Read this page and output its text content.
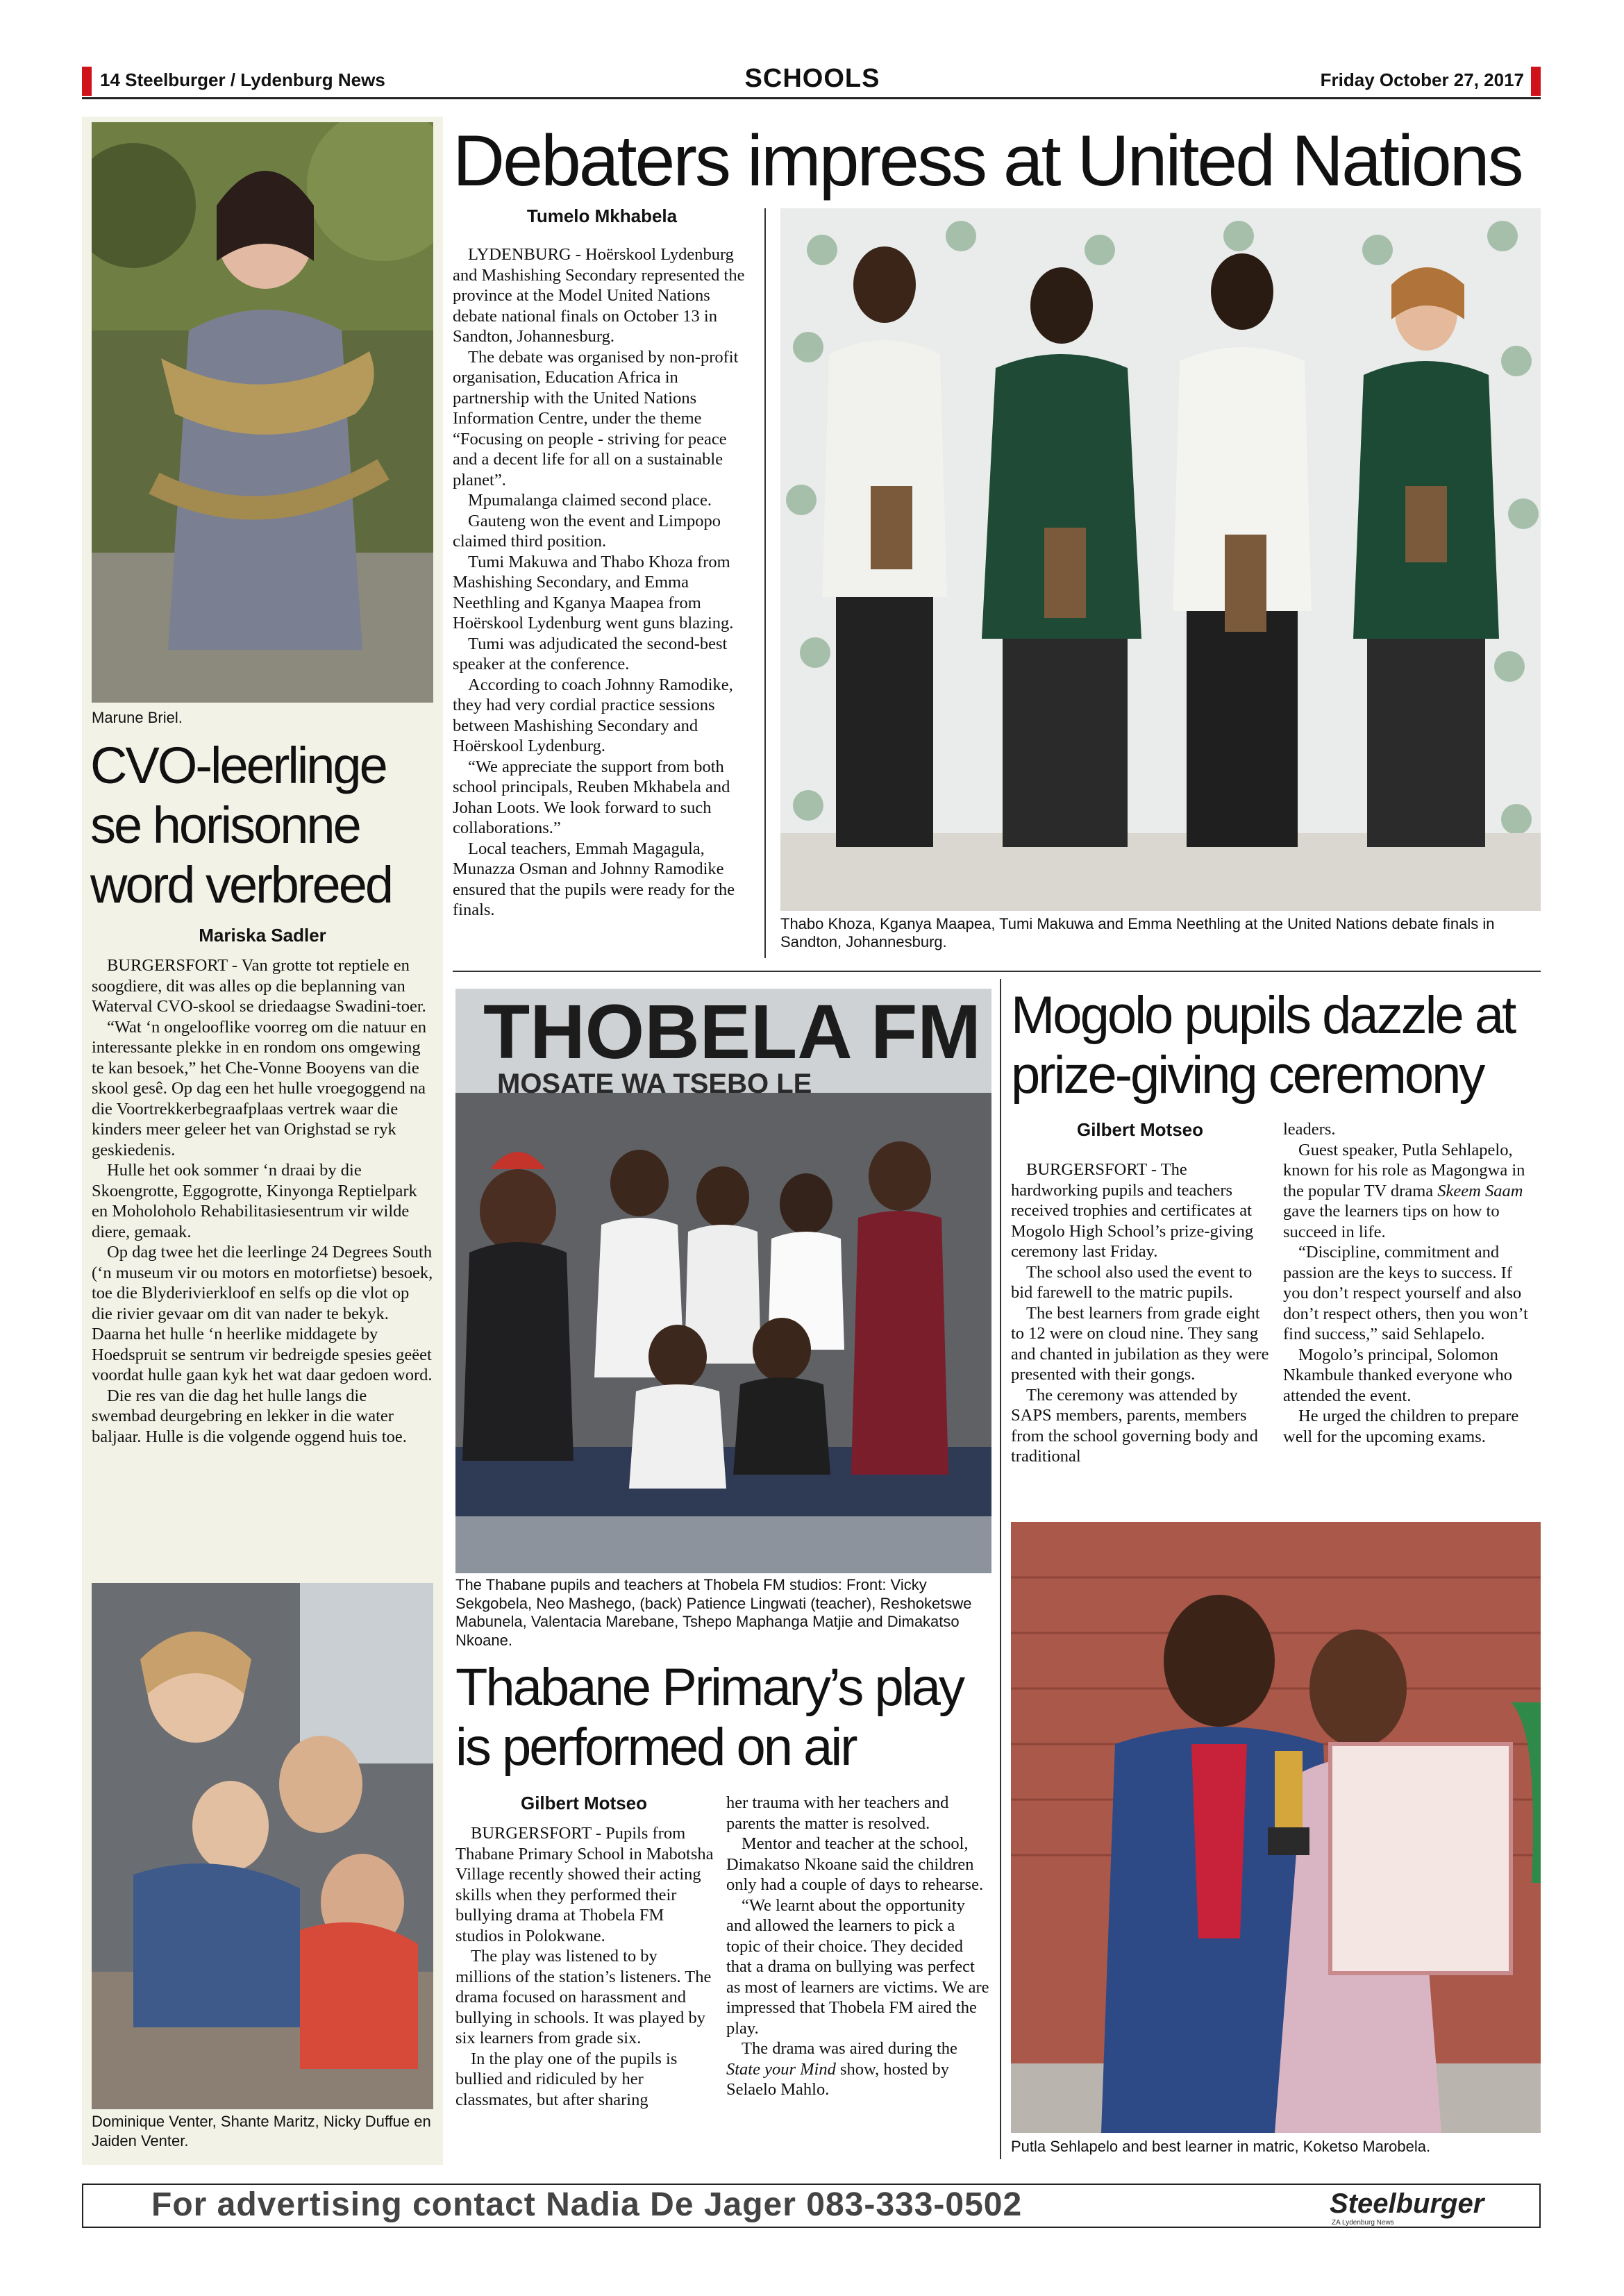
14 Steelburger / Lydenburg News	SCHOOLS	Friday October 27, 2017
Marune Briel.
CVO-leerlinge se horisonne word verbreed
Mariska Sadler

BURGERSFORT - Van grotte tot reptiele en soogdiere, dit was alles op die beplanning van Waterval CVO-skool se driedaagse Swadini-toer.

“Wat ‘n ongelooflike voorreg om die natuur en interessante plekke in en rondom ons omgewing te kan besoek,” het Che-Vonne Booyens van die skool gesê. Op dag een het hulle vroegoggend na die Voortrekkerbegraafplaas vertrek waar die kinders meer geleer het van Orighstad se ryk geskiedenis.

Hulle het ook sommer ‘n draai by die Skoengrotte, Eggogrotte, Kinyonga Reptielpark en Moholoholo Rehabilitasiesentrum vir wilde diere, gemaak.

Op dag twee het die leerlinge 24 Degrees South (‘n museum vir ou motors en motorfietse) besoek, toe die Blyderivierkloof en selfs op die vlot op die rivier gevaar om dit van nader te bekyk. Daarna het hulle ‘n heerlike middagete by Hoedspruit se sentrum vir bedreigde spesies geëet voordat hulle gaan kyk het wat daar gedoen word.

Die res van die dag het hulle langs die swembad deurgebring en lekker in die water baljaar. Hulle is die volgende oggend huis toe.

Dominique Venter, Shante Maritz, Nicky Duffue en Jaiden Venter.
Debaters impress at United Nations
Tumelo Mkhabela

LYDENBURG - Hoërskool Lydenburg and Mashishing Secondary represented the province at the Model United Nations debate national finals on October 13 in Sandton, Johannesburg.

The debate was organised by non-profit organisation, Education Africa in partnership with the United Nations Information Centre, under the theme “Focusing on people - striving for peace and a decent life for all on a sustainable planet”.

Mpumalanga claimed second place.

Gauteng won the event and Limpopo claimed third position.

Tumi Makuwa and Thabo Khoza from Mashishing Secondary, and Emma Neethling and Kganya Maapea from Hoërskool Lydenburg went guns blazing.

Tumi was adjudicated the second-best speaker at the conference.

According to coach Johnny Ramodike, they had very cordial practice sessions between Mashishing Secondary and Hoërskool Lydenburg.

“We appreciate the support from both school principals, Reuben Mkhabela and Johan Loots. We look forward to such collaborations.”

Local teachers, Emmah Magagula, Munazza Osman and Johnny Ramodike ensured that the pupils were ready for the finals.

Thabo Khoza, Kganya Maapea, Tumi Makuwa and Emma Neethling at the United Nations debate finals in Sandton, Johannesburg.
THOBELA FM
MOSATE WA TSEBO LE
The Thabane pupils and teachers at Thobela FM studios: Front: Vicky Sekgobela, Neo Mashego, (back) Patience Lingwati (teacher), Reshoketswe Mabunela, Valentacia Marebane, Tshepo Maphanga Matjie and Dimakatso Nkoane.
Thabane Primary’s play is performed on air
Gilbert Motseo

BURGERSFORT - Pupils from Thabane Primary School in Mabotsha Village recently showed their acting skills when they performed their bullying drama at Thobela FM studios in Polokwane.

The play was listened to by millions of the station’s listeners. The drama focused on harassment and bullying in schools. It was played by six learners from grade six.

In the play one of the pupils is bullied and ridiculed by her classmates, but after sharing

her trauma with her teachers and parents the matter is resolved.

Mentor and teacher at the school, Dimakatso Nkoane said the children only had a couple of days to rehearse.

“We learnt about the opportunity and allowed the learners to pick a topic of their choice. They decided that a drama on bullying was perfect as most of learners are victims. We are impressed that Thobela FM aired the play.

The drama was aired during the State your Mind show, hosted by Selaelo Mahlo.

Mogolo pupils dazzle at prize-giving ceremony
Gilbert Motseo

BURGERSFORT - The hardworking pupils and teachers received trophies and certificates at Mogolo High School’s prize-giving ceremony last Friday.

The school also used the event to bid farewell to the matric pupils.

The best learners from grade eight to 12 were on cloud nine. They sang and chanted in jubilation as they were presented with their gongs.

The ceremony was attended by SAPS members, parents, members from the school governing body and traditional

leaders.

Guest speaker, Putla Sehlapelo, known for his role as Magongwa in the popular TV drama Skeem Saam gave the learners tips on how to succeed in life.

“Discipline, commitment and passion are the keys to success. If you don’t respect yourself and also don’t respect others, then you won’t find success,” said Sehlapelo.

Mogolo’s principal, Solomon Nkambule thanked everyone who attended the event.

He urged the children to prepare well for the upcoming exams.

Putla Sehlapelo and best learner in matric, Koketso Marobela.
For advertising contact Nadia De Jager 083-333-0502	Steelburger
ZA Lydenburg News
